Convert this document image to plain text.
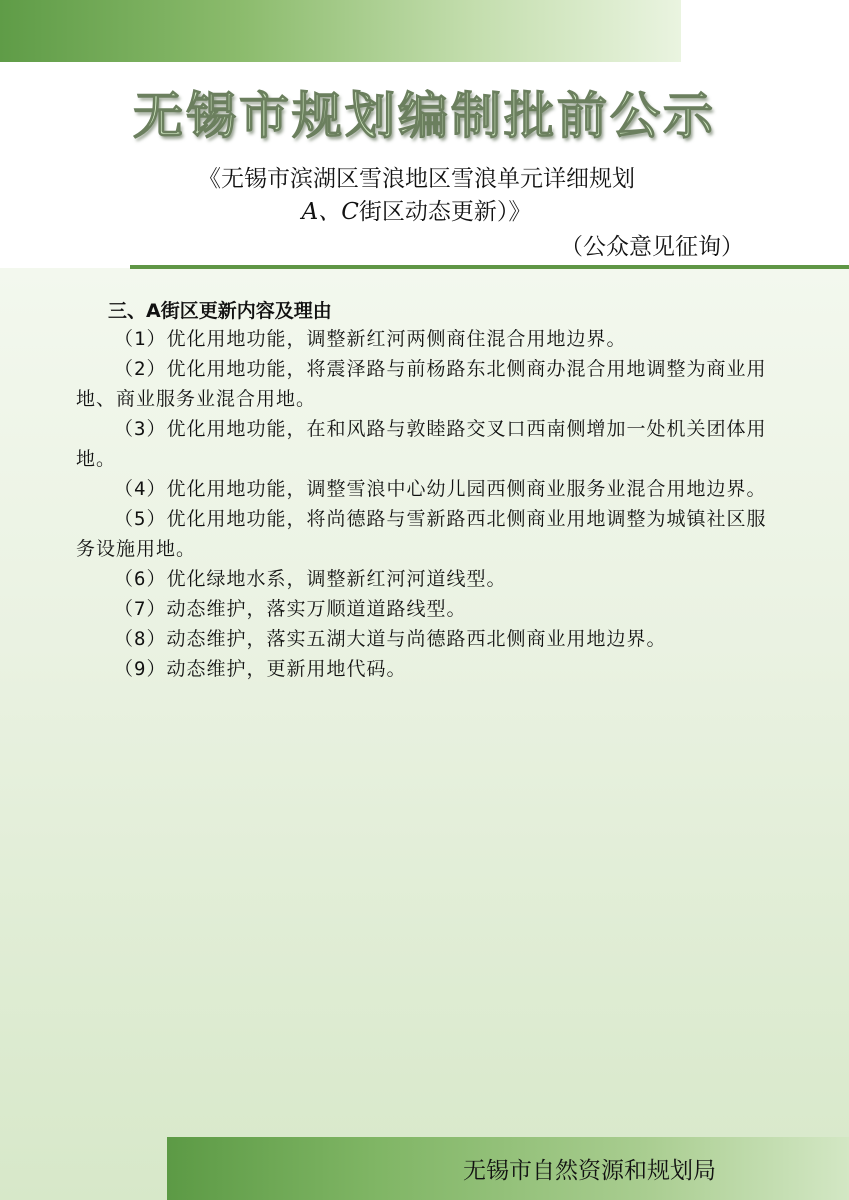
无锡市规划编制批前公示
《无锡市滨湖区雪浪地区雪浪单元详细规划
A、C街区动态更新）》
（公众意见征询）
三、A街区更新内容及理由

（1）优化用地功能，调整新红河两侧商住混合用地边界。

（2）优化用地功能，将震泽路与前杨路东北侧商办混合用地调整为商业用地、商业服务业混合用地。

（3）优化用地功能，在和风路与敦睦路交叉口西南侧增加一处机关团体用地。

（4）优化用地功能，调整雪浪中心幼儿园西侧商业服务业混合用地边界。

（5）优化用地功能，将尚德路与雪新路西北侧商业用地调整为城镇社区服务设施用地。

（6）优化绿地水系，调整新红河河道线型。

（7）动态维护，落实万顺道道路线型。

（8）动态维护，落实五湖大道与尚德路西北侧商业用地边界。

（9）动态维护，更新用地代码。

无锡市自然资源和规划局
